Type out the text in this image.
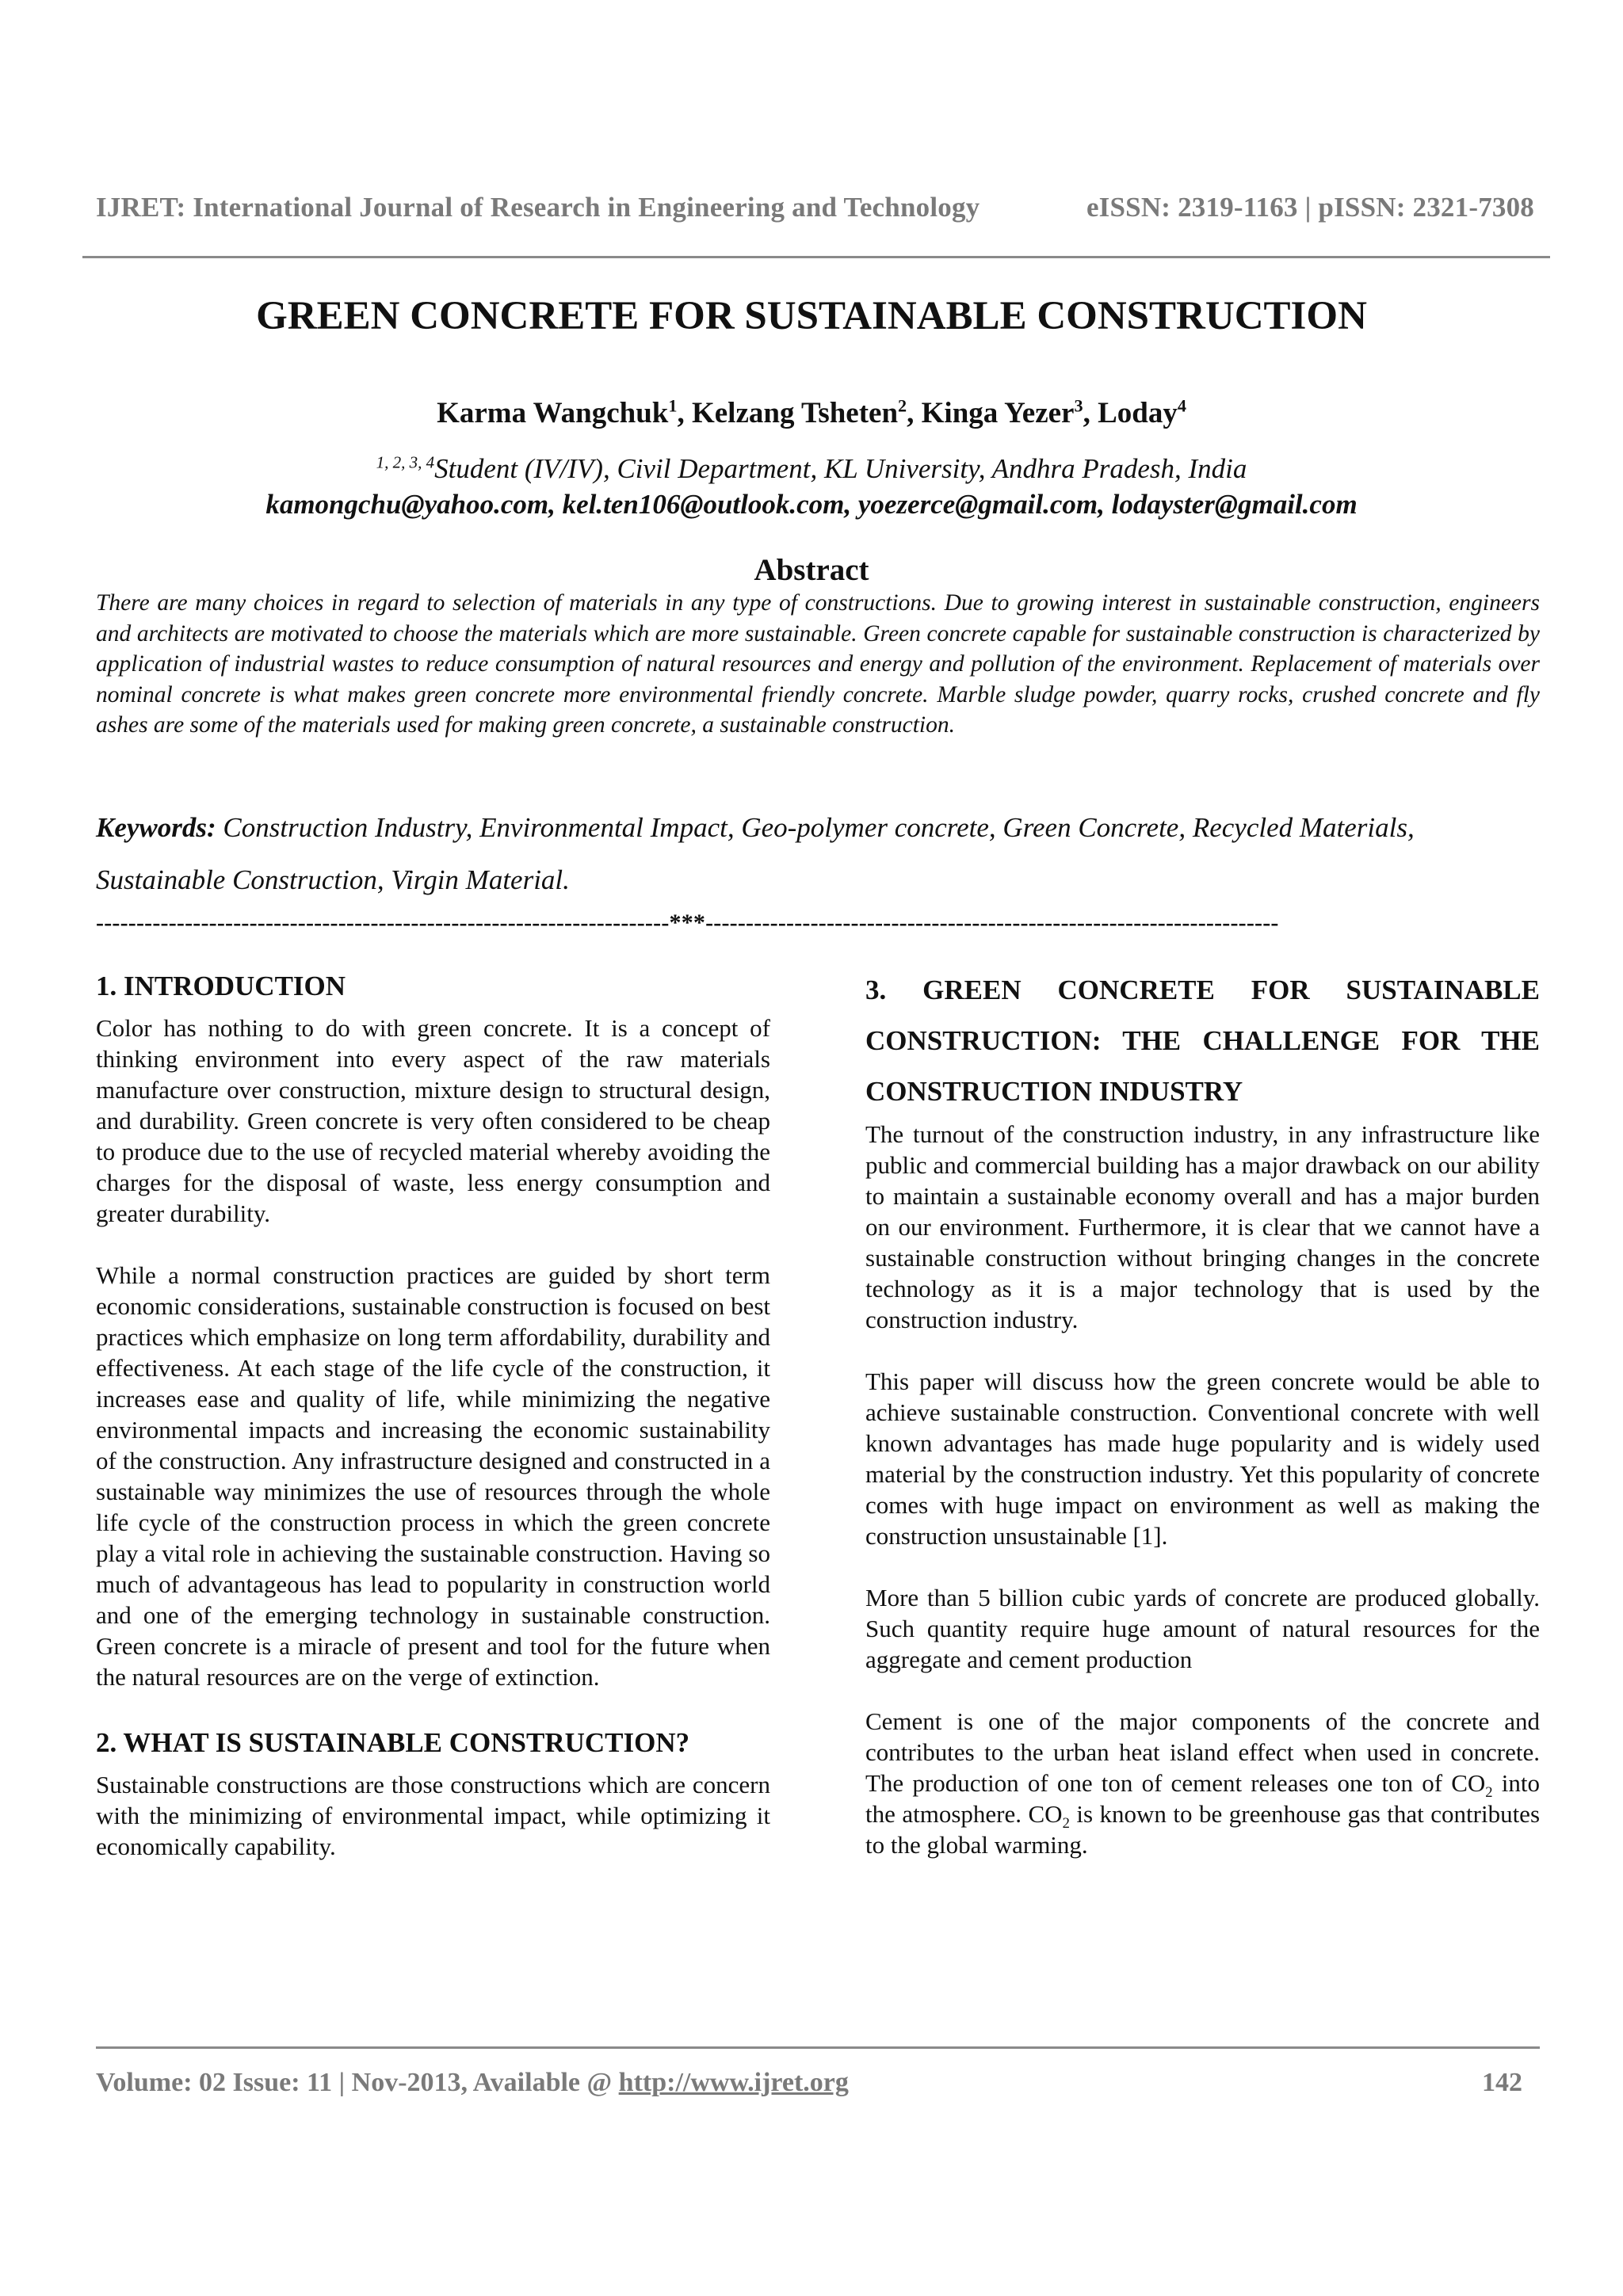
IJRET: International Journal of Research in Engineering and Technology	eISSN: 2319-1163 | pISSN: 2321-7308
GREEN CONCRETE FOR SUSTAINABLE CONSTRUCTION
Karma Wangchuk$^1$, Kelzang Tsheten$^2$, Kinga Yezer$^3$, Loday$^4$
$^{1, 2, 3, 4}$Student (IV/IV), Civil Department, KL University, Andhra Pradesh, India
kamongchu@yahoo.com, kel.ten106@outlook.com, yoezerce@gmail.com, lodayster@gmail.com
Abstract
There are many choices in regard to selection of materials in any type of constructions. Due to growing interest in sustainable construction, engineers and architects are motivated to choose the materials which are more sustainable. Green concrete capable for sustainable construction is characterized by application of industrial wastes to reduce consumption of natural resources and energy and pollution of the environment. Replacement of materials over nominal concrete is what makes green concrete more environmental friendly concrete. Marble sludge powder, quarry rocks, crushed concrete and fly ashes are some of the materials used for making green concrete, a sustainable construction.
Keywords: Construction Industry, Environmental Impact, Geo-polymer concrete, Green Concrete, Recycled Materials, Sustainable Construction, Virgin Material.
-----------------------------------------------------------------------***-----------------------------------------------------------------------
1. INTRODUCTION

Color has nothing to do with green concrete. It is a concept of thinking environment into every aspect of the raw materials manufacture over construction, mixture design to structural design, and durability. Green concrete is very often considered to be cheap to produce due to the use of recycled material whereby avoiding the charges for the disposal of waste, less energy consumption and greater durability.

While a normal construction practices are guided by short term economic considerations, sustainable construction is focused on best practices which emphasize on long term affordability, durability and effectiveness. At each stage of the life cycle of the construction, it increases ease and quality of life, while minimizing the negative environmental impacts and increasing the economic sustainability of the construction. Any infrastructure designed and constructed in a sustainable way minimizes the use of resources through the whole life cycle of the construction process in which the green concrete play a vital role in achieving the sustainable construction. Having so much of advantageous has lead to popularity in construction world and one of the emerging technology in sustainable construction. Green concrete is a miracle of present and tool for the future when the natural resources are on the verge of extinction.

2. WHAT IS SUSTAINABLE CONSTRUCTION?

Sustainable constructions are those constructions which are concern with the minimizing of environmental impact, while optimizing it economically capability.

3. GREEN CONCRETE FOR SUSTAINABLE CONSTRUCTION: THE CHALLENGE FOR THE CONSTRUCTION INDUSTRY

The turnout of the construction industry, in any infrastructure like public and commercial building has a major drawback on our ability to maintain a sustainable economy overall and has a major burden on our environment. Furthermore, it is clear that we cannot have a sustainable construction without bringing changes in the concrete technology as it is a major technology that is used by the construction industry.

This paper will discuss how the green concrete would be able to achieve sustainable construction. Conventional concrete with well known advantages has made huge popularity and is widely used material by the construction industry. Yet this popularity of concrete comes with huge impact on environment as well as making the construction unsustainable [1].

More than 5 billion cubic yards of concrete are produced globally. Such quantity require huge amount of natural resources for the aggregate and cement production

Cement is one of the major components of the concrete and contributes to the urban heat island effect when used in concrete. The production of one ton of cement releases one ton of $CO_2$ into the atmosphere. $CO_2$ is known to be greenhouse gas that contributes to the global warming.

Volume: 02 Issue: 11 | Nov-2013, Available @ http://www.ijret.org	142
